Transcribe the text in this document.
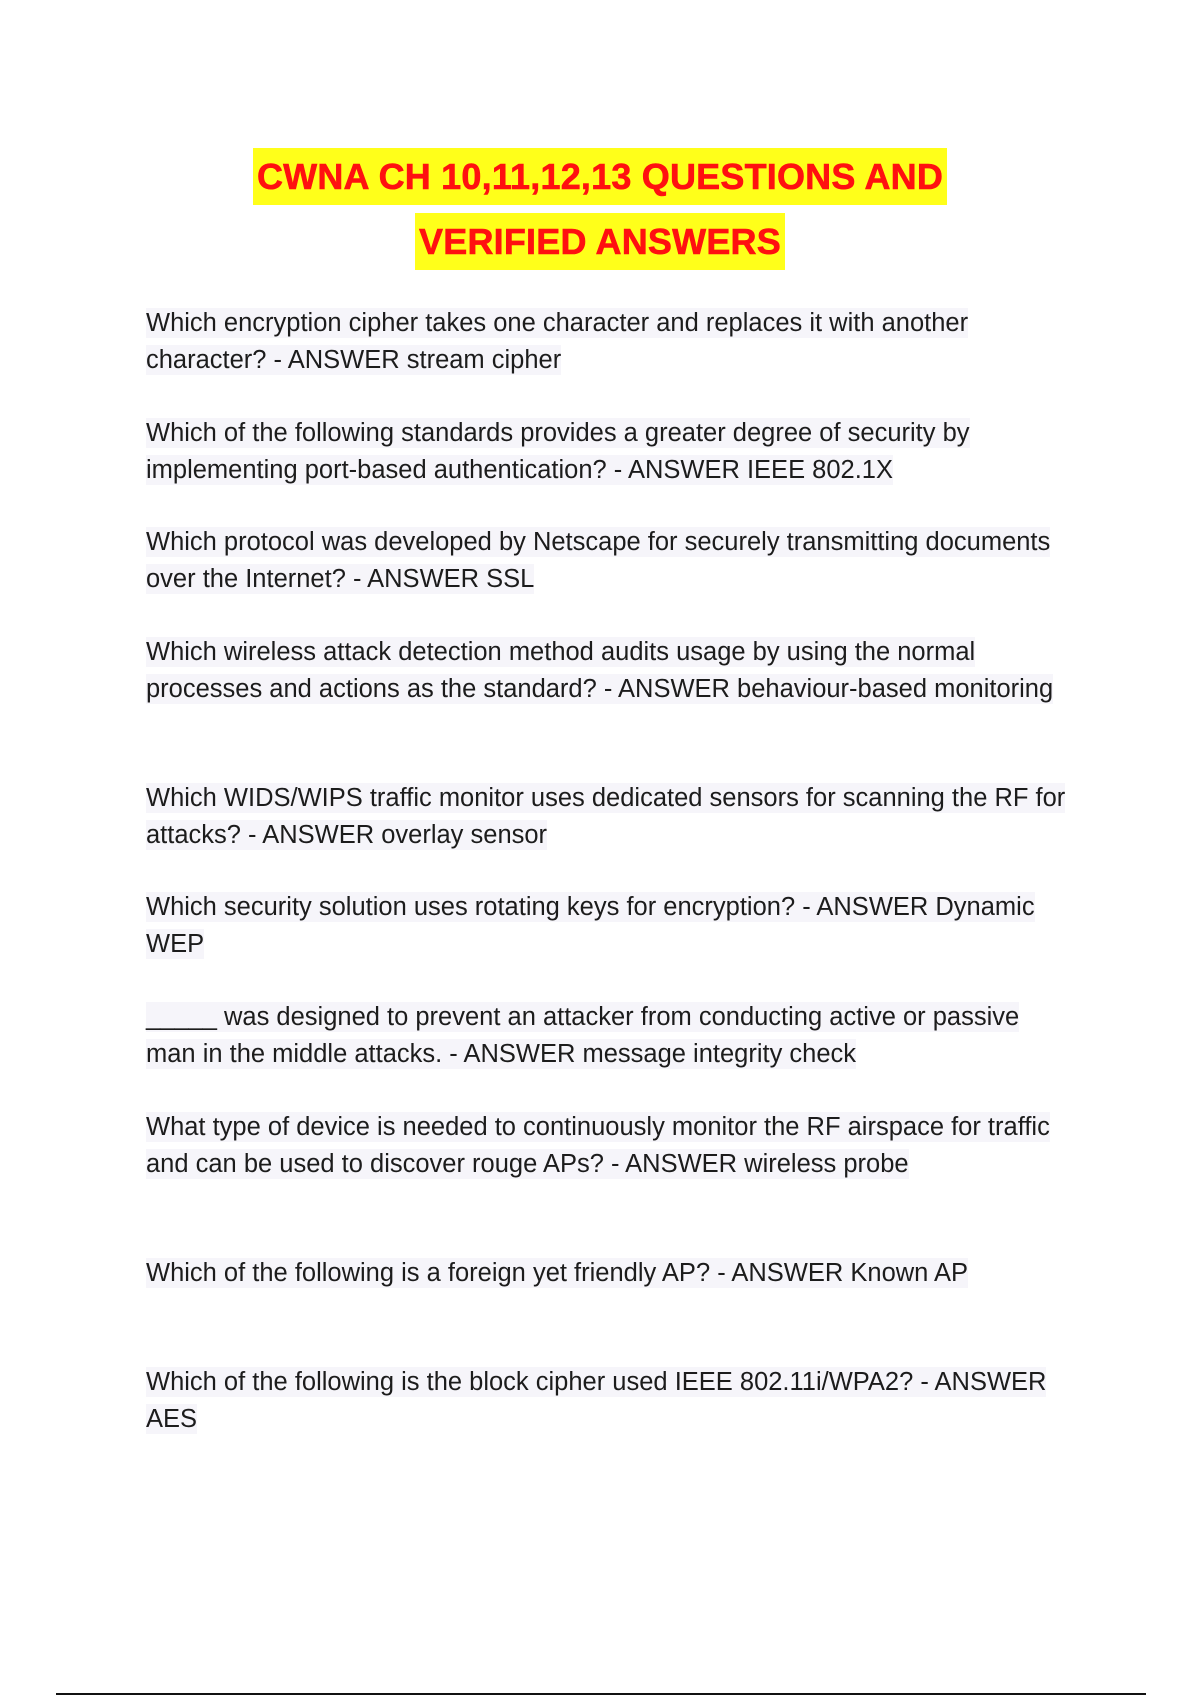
CWNA CH 10,11,12,13 QUESTIONS AND
VERIFIED ANSWERS
Which encryption cipher takes one character and replaces it with another character? - ANSWER stream cipher
Which of the following standards provides a greater degree of security by implementing port-based authentication? - ANSWER IEEE 802.1X
Which protocol was developed by Netscape for securely transmitting documents over the Internet? - ANSWER SSL
Which wireless attack detection method audits usage by using the normal processes and actions as the standard? - ANSWER behaviour-based monitoring
Which WIDS/WIPS traffic monitor uses dedicated sensors for scanning the RF for attacks? - ANSWER overlay sensor
Which security solution uses rotating keys for encryption? - ANSWER Dynamic WEP
_____ was designed to prevent an attacker from conducting active or passive man in the middle attacks. - ANSWER message integrity check
What type of device is needed to continuously monitor the RF airspace for traffic and can be used to discover rouge APs? - ANSWER wireless probe
Which of the following is a foreign yet friendly AP? - ANSWER Known AP
Which of the following is the block cipher used IEEE 802.11i/WPA2? - ANSWER AES
